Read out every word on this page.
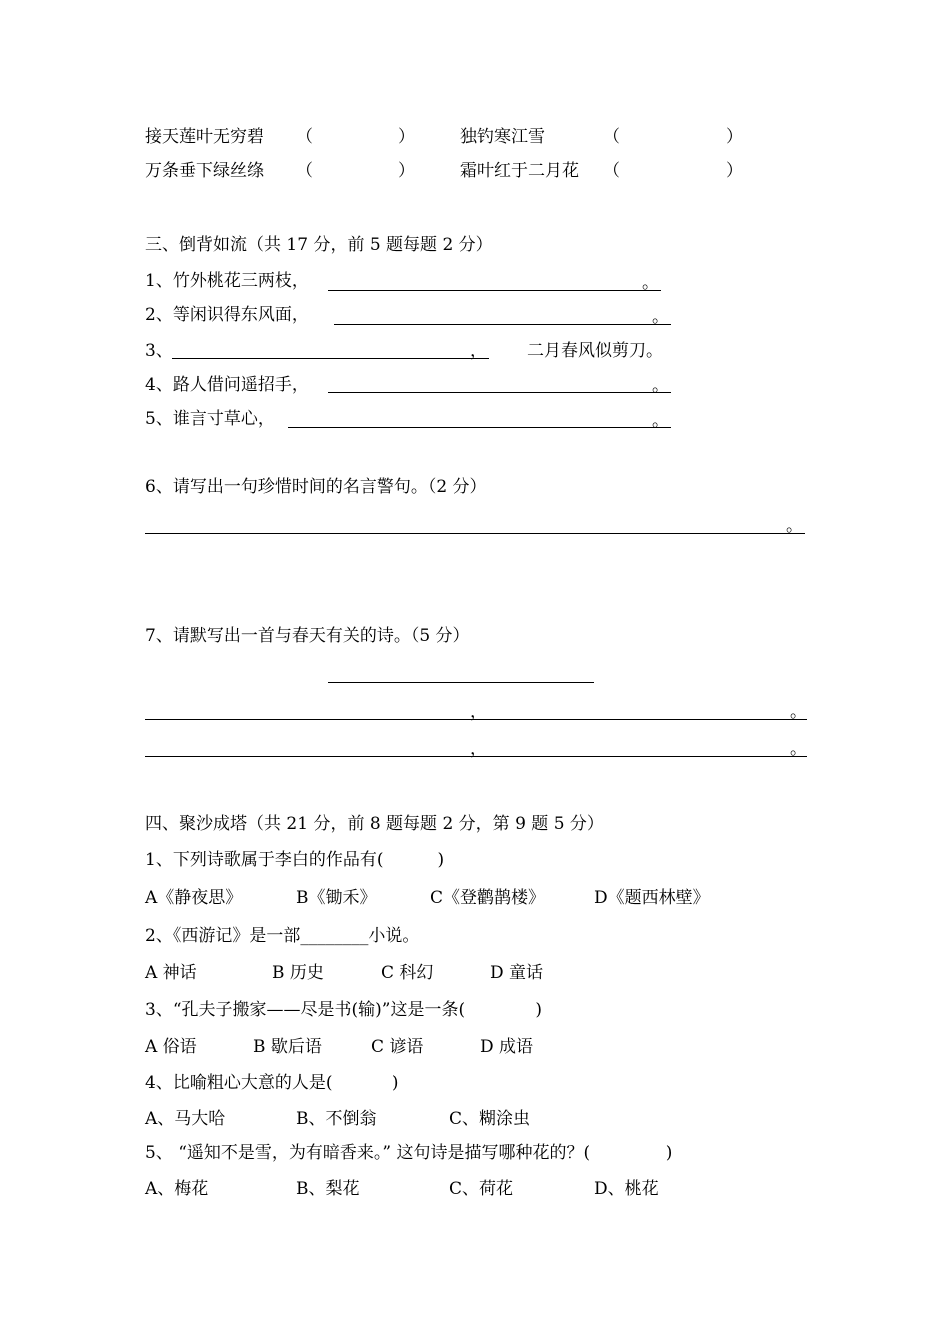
接天莲叶无穷碧 （	）	独钓寒江雪	（	）
万条垂下绿丝绦 （	）	霜叶红于二月花 （	）
三、倒背如流（共 17 分，前 5 题每题 2 分）
1、竹外桃花三两枝，	。
2、等闲识得东风面，	。
3、	， 二月春风似剪刀。
4、路人借问遥招手，	。
5、谁言寸草心，	。
6、请写出一句珍惜时间的名言警句。（2 分）
。
7、请默写出一首与春天有关的诗。（5 分）
，	。
，	。
四、聚沙成塔（共 21 分，前 8 题每题 2 分，第 9 题 5 分）
1、下列诗歌属于李白的作品有(          )
A《静夜思》	B《锄禾》	C《登鹳鹊楼》	D《题西林壁》
2、《西游记》是一部________小说。
A 神话	B 历史	C 科幻	D 童话
3、“孔夫子搬家——尽是书(输)”这是一条(             )
A 俗语	B 歇后语	C 谚语	D 成语
4、比喻粗心大意的人是(           )
A、马大哈	B、不倒翁	C、糊涂虫
5、 “遥知不是雪，为有暗香来。” 这句诗是描写哪种花的？(              )
A、梅花	B、梨花	C、荷花	D、桃花
